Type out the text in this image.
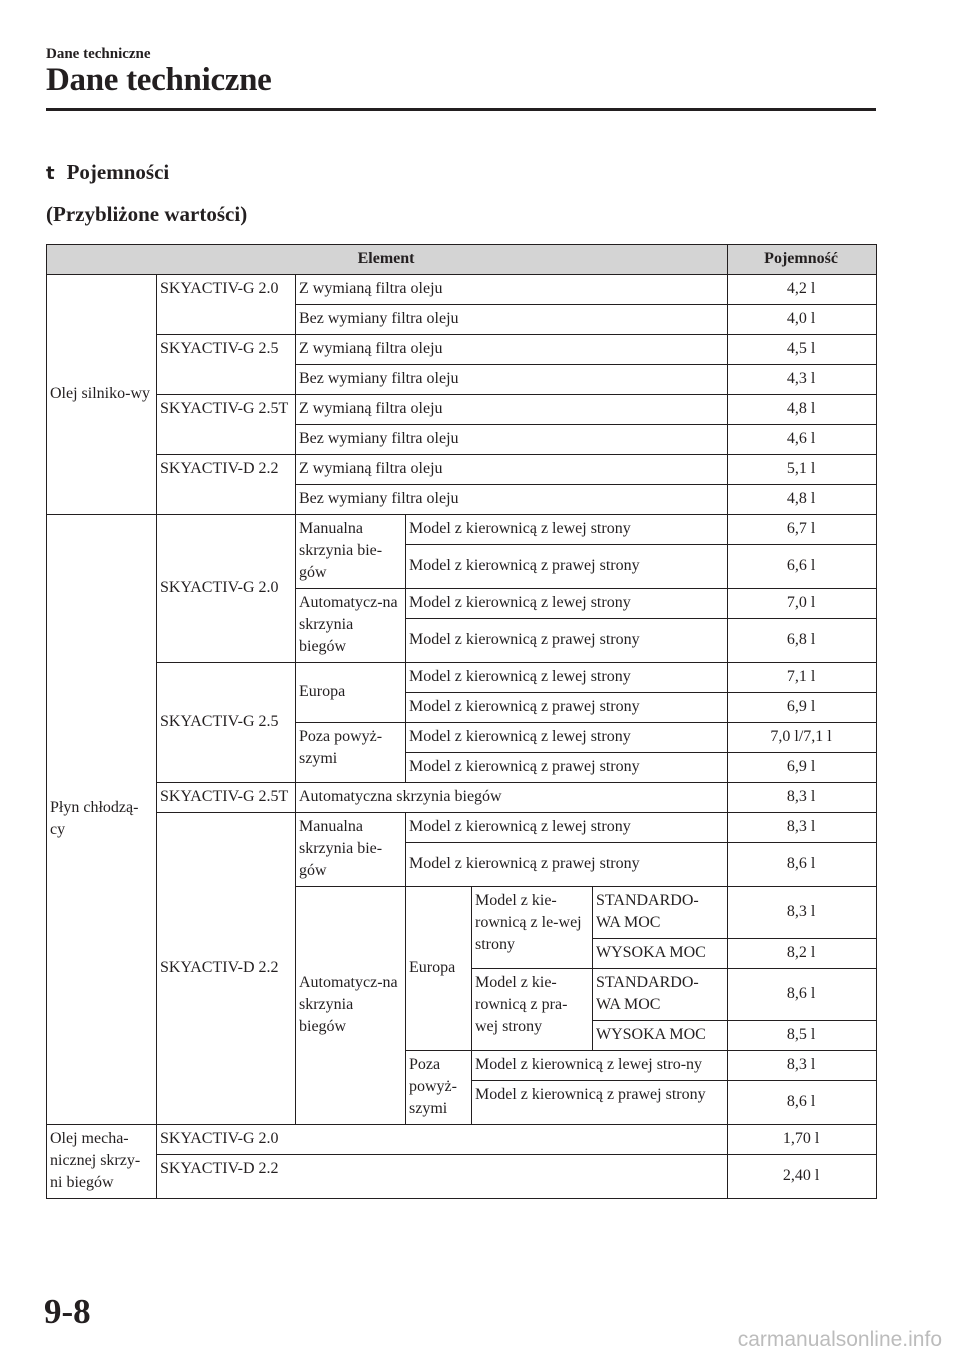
Dane techniczne
Dane techniczne
t Pojemności
(Przybliżone wartości)
Element						Pojemność
Olej silniko-wy	SKYACTIV-G 2.0	Z wymianą filtra oleju				4,2 l
		Bez wymiany filtra oleju				4,0 l
	SKYACTIV-G 2.5	Z wymianą filtra oleju				4,5 l
		Bez wymiany filtra oleju				4,3 l
	SKYACTIV-G 2.5T	Z wymianą filtra oleju				4,8 l
		Bez wymiany filtra oleju				4,6 l
	SKYACTIV-D 2.2	Z wymianą filtra oleju				5,1 l
		Bez wymiany filtra oleju				4,8 l
Płyn chłodzą-cy	SKYACTIV-G 2.0	Manualna skrzynia bie-gów	Model z kierownicą z lewej strony			6,7 l
			Model z kierownicą z prawej strony			6,6 l
		Automatycz-na skrzynia biegów	Model z kierownicą z lewej strony			7,0 l
			Model z kierownicą z prawej strony			6,8 l
	SKYACTIV-G 2.5	Europa	Model z kierownicą z lewej strony			7,1 l
			Model z kierownicą z prawej strony			6,9 l
		Poza powyż-szymi	Model z kierownicą z lewej strony			7,0 l/7,1 l
			Model z kierownicą z prawej strony			6,9 l
	SKYACTIV-G 2.5T	Automatyczna skrzynia biegów				8,3 l
	SKYACTIV-D 2.2	Manualna skrzynia bie-gów	Model z kierownicą z lewej strony			8,3 l
			Model z kierownicą z prawej strony			8,6 l
		Automatycz-na skrzynia biegów	Europa	Model z kie-rownicą z le-wej strony	STANDARDO-WA MOC	8,3 l

					WYSOKA MOC	8,2 l
				Model z kie-rownicą z pra-wej strony	STANDARDO-WA MOC	8,6 l

					WYSOKA MOC	8,5 l
			Poza powyż-szymi	Model z kierownicą z lewej stro-ny		8,3 l

				Model z kierownicą z prawej strony		8,6 l

Olej mecha-nicznej skrzy-ni biegów	SKYACTIV-G 2.0					1,70 l
	SKYACTIV-D 2.2					2,40 l
9-8
carmanualsonline.info
